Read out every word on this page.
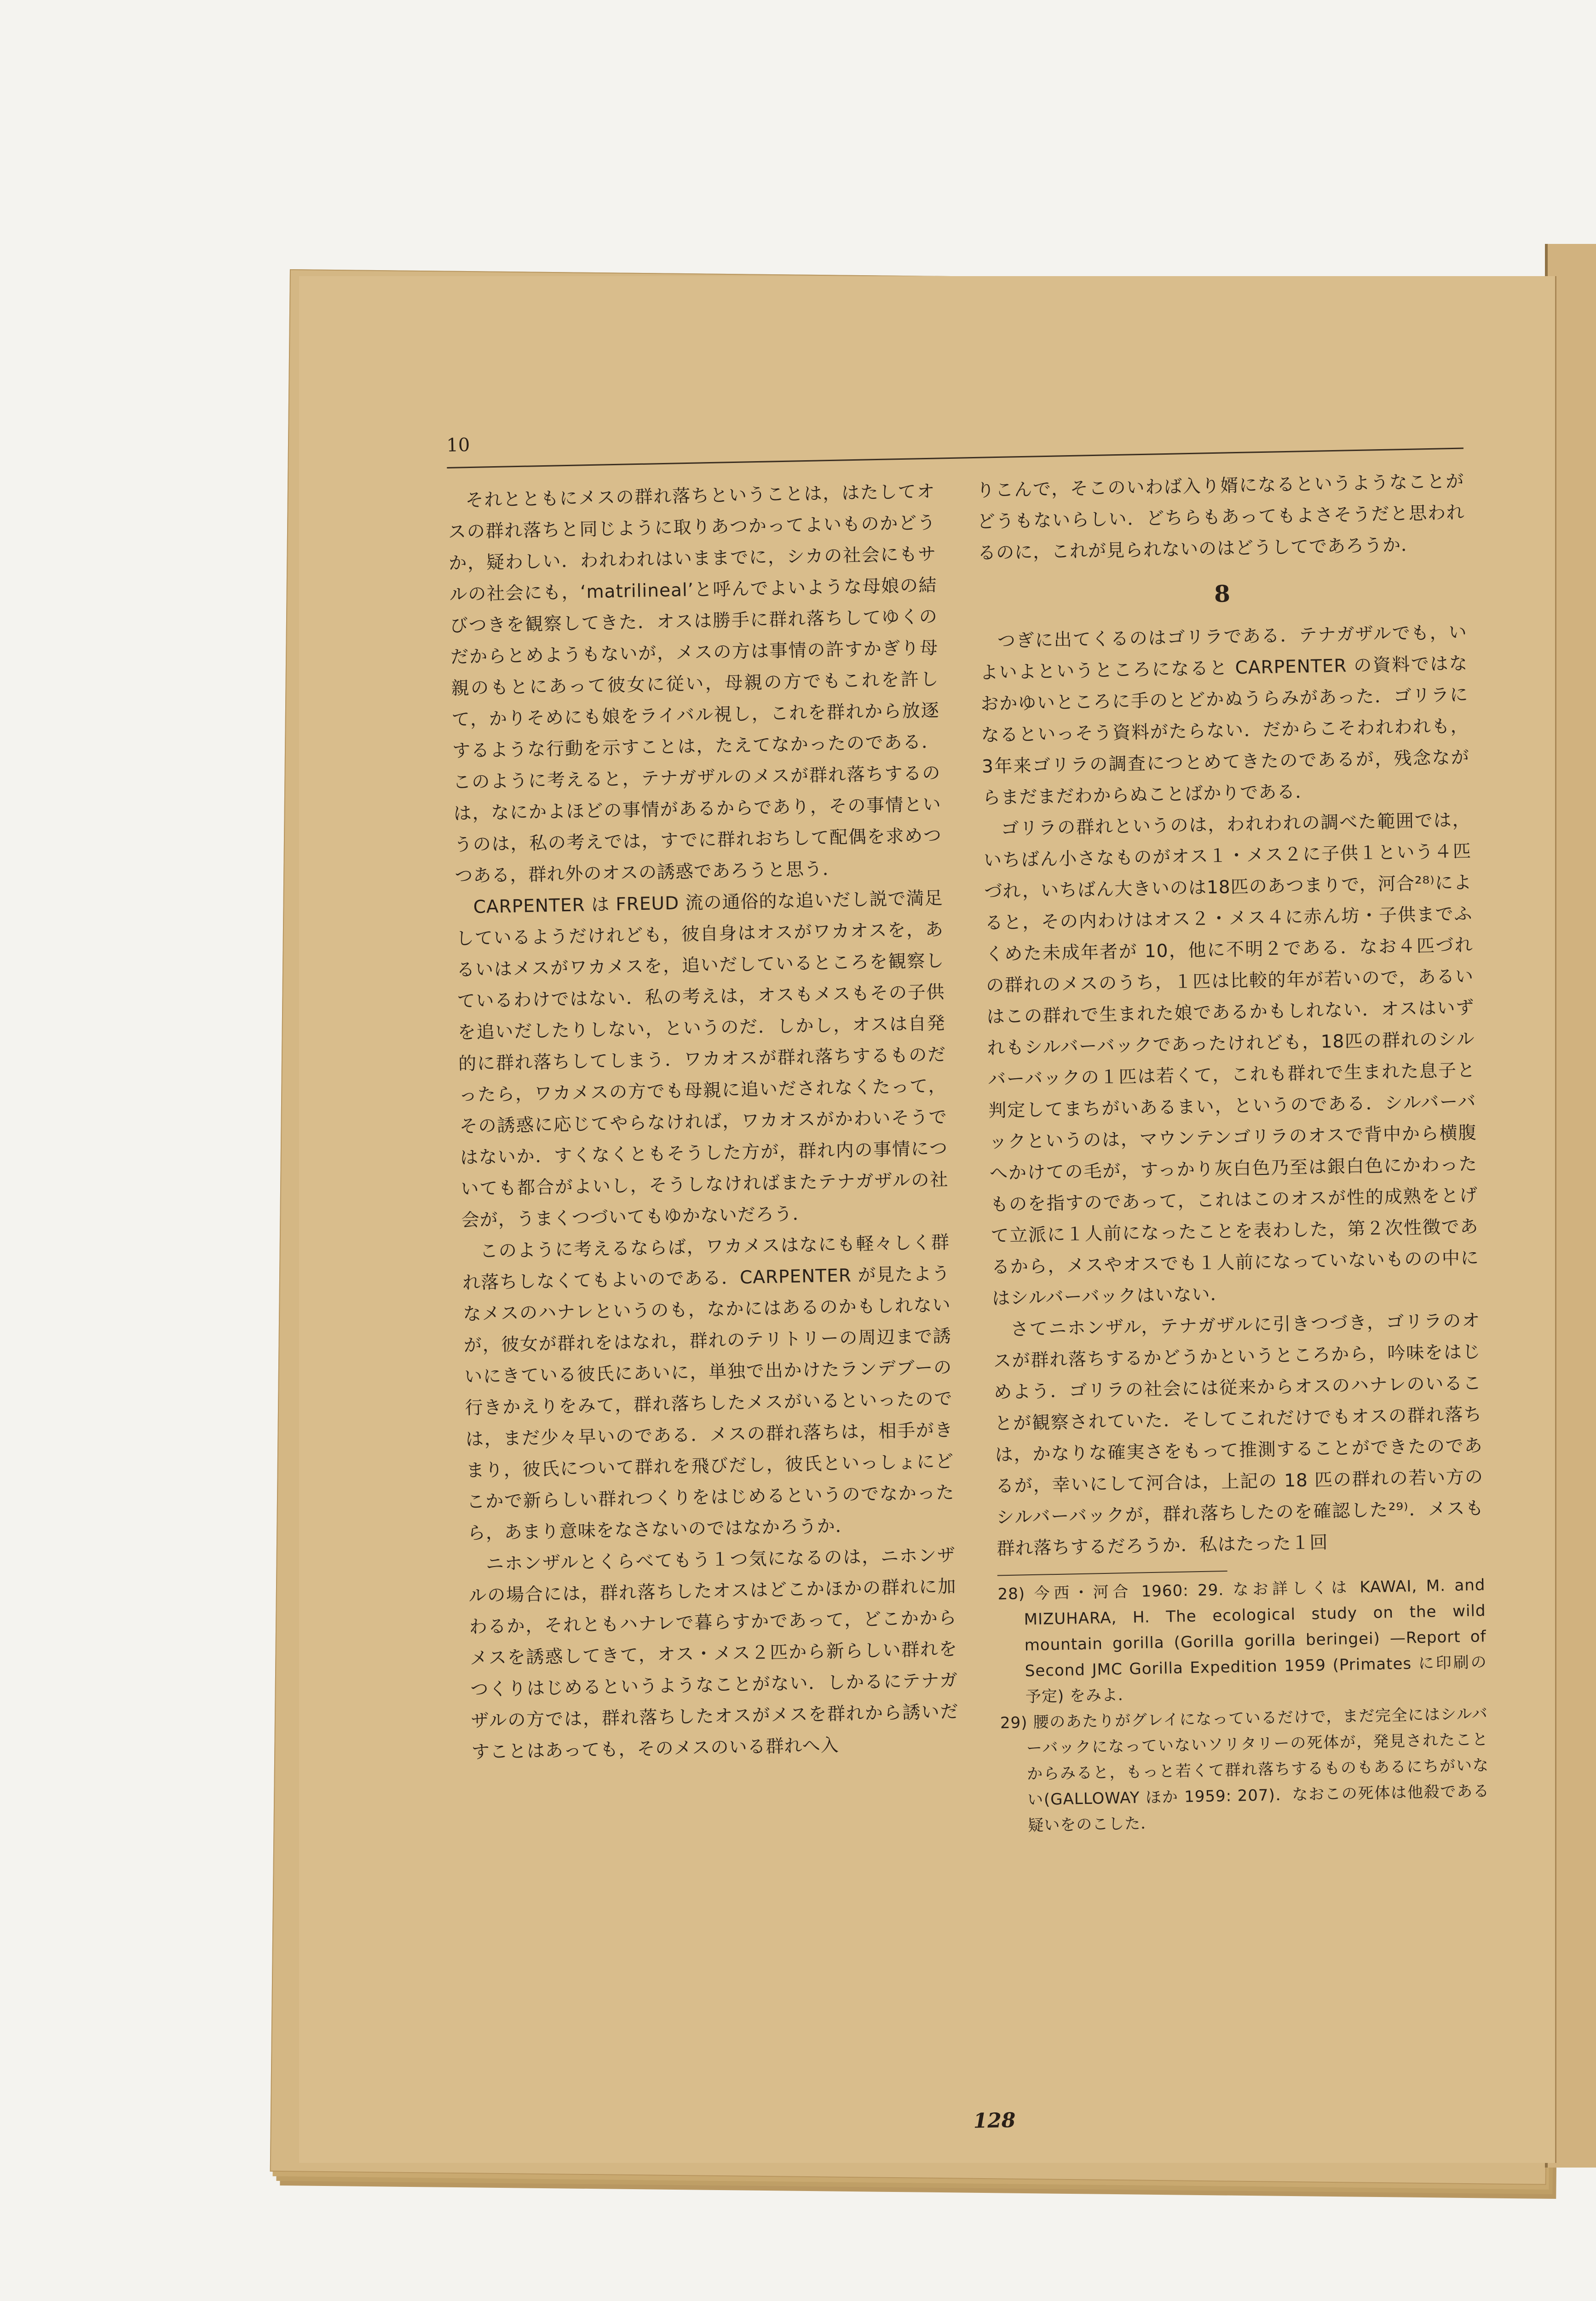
10

それとともにメスの群れ落ちということは，はたしてオスの群れ落ちと同じように取りあつかってよいものかどうか，疑わしい．われわれはいままでに，シカの社会にもサルの社会にも，‘matrilineal’と呼んでよいような母娘の結びつきを観察してきた．オスは勝手に群れ落ちしてゆくのだからとめようもないが，メスの方は事情の許すかぎり母親のもとにあって彼女に従い，母親の方でもこれを許して，かりそめにも娘をライバル視し，これを群れから放逐するような行動を示すことは，たえてなかったのである．このように考えると，テナガザルのメスが群れ落ちするのは，なにかよほどの事情があるからであり，その事情というのは，私の考えでは，すでに群れおちして配偶を求めつつある，群れ外のオスの誘惑であろうと思う．

CARPENTER は FREUD 流の通俗的な追いだし説で満足しているようだけれども，彼自身はオスがワカオスを，あるいはメスがワカメスを，追いだしているところを観察しているわけではない．私の考えは，オスもメスもその子供を追いだしたりしない，というのだ．しかし，オスは自発的に群れ落ちしてしまう．ワカオスが群れ落ちするものだったら，ワカメスの方でも母親に追いだされなくたって，その誘惑に応じてやらなければ，ワカオスがかわいそうではないか．すくなくともそうした方が，群れ内の事情についても都合がよいし，そうしなければまたテナガザルの社会が，うまくつづいてもゆかないだろう．

このように考えるならば，ワカメスはなにも軽々しく群れ落ちしなくてもよいのである．CARPENTER が見たようなメスのハナレというのも，なかにはあるのかもしれないが，彼女が群れをはなれ，群れのテリトリーの周辺まで誘いにきている彼氏にあいに，単独で出かけたランデブーの行きかえりをみて，群れ落ちしたメスがいるといったのでは，まだ少々早いのである．メスの群れ落ちは，相手がきまり，彼氏について群れを飛びだし，彼氏といっしょにどこかで新らしい群れつくりをはじめるというのでなかったら，あまり意味をなさないのではなかろうか．

ニホンザルとくらべてもう１つ気になるのは，ニホンザルの場合には，群れ落ちしたオスはどこかほかの群れに加わるか，それともハナレで暮らすかであって，どこかからメスを誘惑してきて，オス・メス２匹から新らしい群れをつくりはじめるというようなことがない．しかるにテナガザルの方では，群れ落ちしたオスがメスを群れから誘いだすことはあっても，そのメスのいる群れへ入

りこんで，そこのいわば入り婿になるというようなことがどうもないらしい．どちらもあってもよさそうだと思われるのに，これが見られないのはどうしてであろうか．

8

つぎに出てくるのはゴリラである．テナガザルでも，いよいよというところになると CARPENTER の資料ではなおかゆいところに手のとどかぬうらみがあった．ゴリラになるといっそう資料がたらない．だからこそわれわれも，3年来ゴリラの調査につとめてきたのであるが，残念ながらまだまだわからぬことばかりである．

ゴリラの群れというのは，われわれの調べた範囲では，いちばん小さなものがオス１・メス２に子供１という４匹づれ，いちばん大きいのは18匹のあつまりで，河合²⁸⁾によると，その内わけはオス２・メス４に赤ん坊・子供までふくめた未成年者が 10，他に不明２である．なお４匹づれの群れのメスのうち，１匹は比較的年が若いので，あるいはこの群れで生まれた娘であるかもしれない．オスはいずれもシルバーバックであったけれども，18匹の群れのシルバーバックの１匹は若くて，これも群れで生まれた息子と判定してまちがいあるまい，というのである．シルバーバックというのは，マウンテンゴリラのオスで背中から横腹へかけての毛が，すっかり灰白色乃至は銀白色にかわったものを指すのであって，これはこのオスが性的成熟をとげて立派に１人前になったことを表わした，第２次性徴であるから，メスやオスでも１人前になっていないものの中にはシルバーバックはいない．

さてニホンザル，テナガザルに引きつづき，ゴリラのオスが群れ落ちするかどうかというところから，吟味をはじめよう．ゴリラの社会には従来からオスのハナレのいることが観察されていた．そしてこれだけでもオスの群れ落ちは，かなりな確実さをもって推測することができたのであるが，幸いにして河合は，上記の 18 匹の群れの若い方のシルバーバックが，群れ落ちしたのを確認した²⁹⁾．メスも群れ落ちするだろうか．私はたった１回

28) 今西・河合 1960: 29. なお詳しくは KAWAI, M. and MIZUHARA, H. The ecological study on the wild mountain gorilla (Gorilla gorilla beringei) —Report of Second JMC Gorilla Expedition 1959 (Primates に印刷の予定) をみよ．

29) 腰のあたりがグレイになっているだけで，まだ完全にはシルバーバックになっていないソリタリーの死体が，発見されたことからみると，もっと若くて群れ落ちするものもあるにちがいない(GALLOWAY ほか 1959: 207)．なおこの死体は他殺である疑いをのこした．

128
